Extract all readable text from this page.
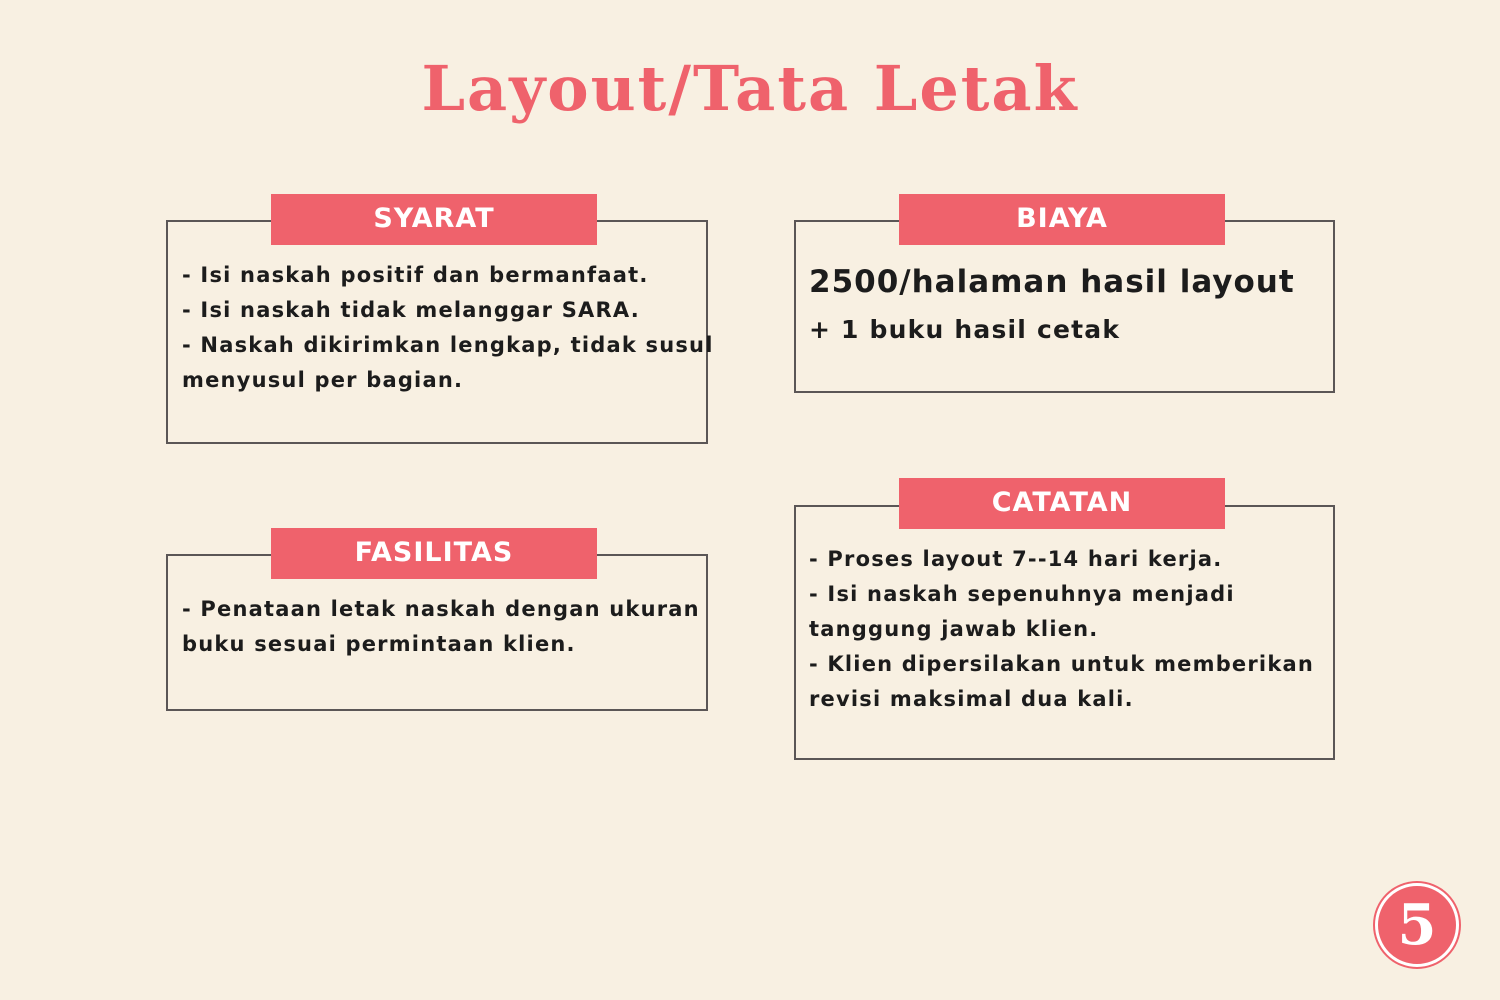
Layout/Tata Letak
SYARAT
- Isi naskah positif dan bermanfaat.
- Isi naskah tidak melanggar SARA.
- Naskah dikirimkan lengkap, tidak susul
menyusul per bagian.
BIAYA
2500/halaman hasil layout
+ 1 buku hasil cetak
FASILITAS
- Penataan letak naskah dengan ukuran
buku sesuai permintaan klien.
CATATAN
- Proses layout 7--14 hari kerja.
- Isi naskah sepenuhnya menjadi
tanggung jawab klien.
- Klien dipersilakan untuk memberikan
revisi maksimal dua kali.
5
